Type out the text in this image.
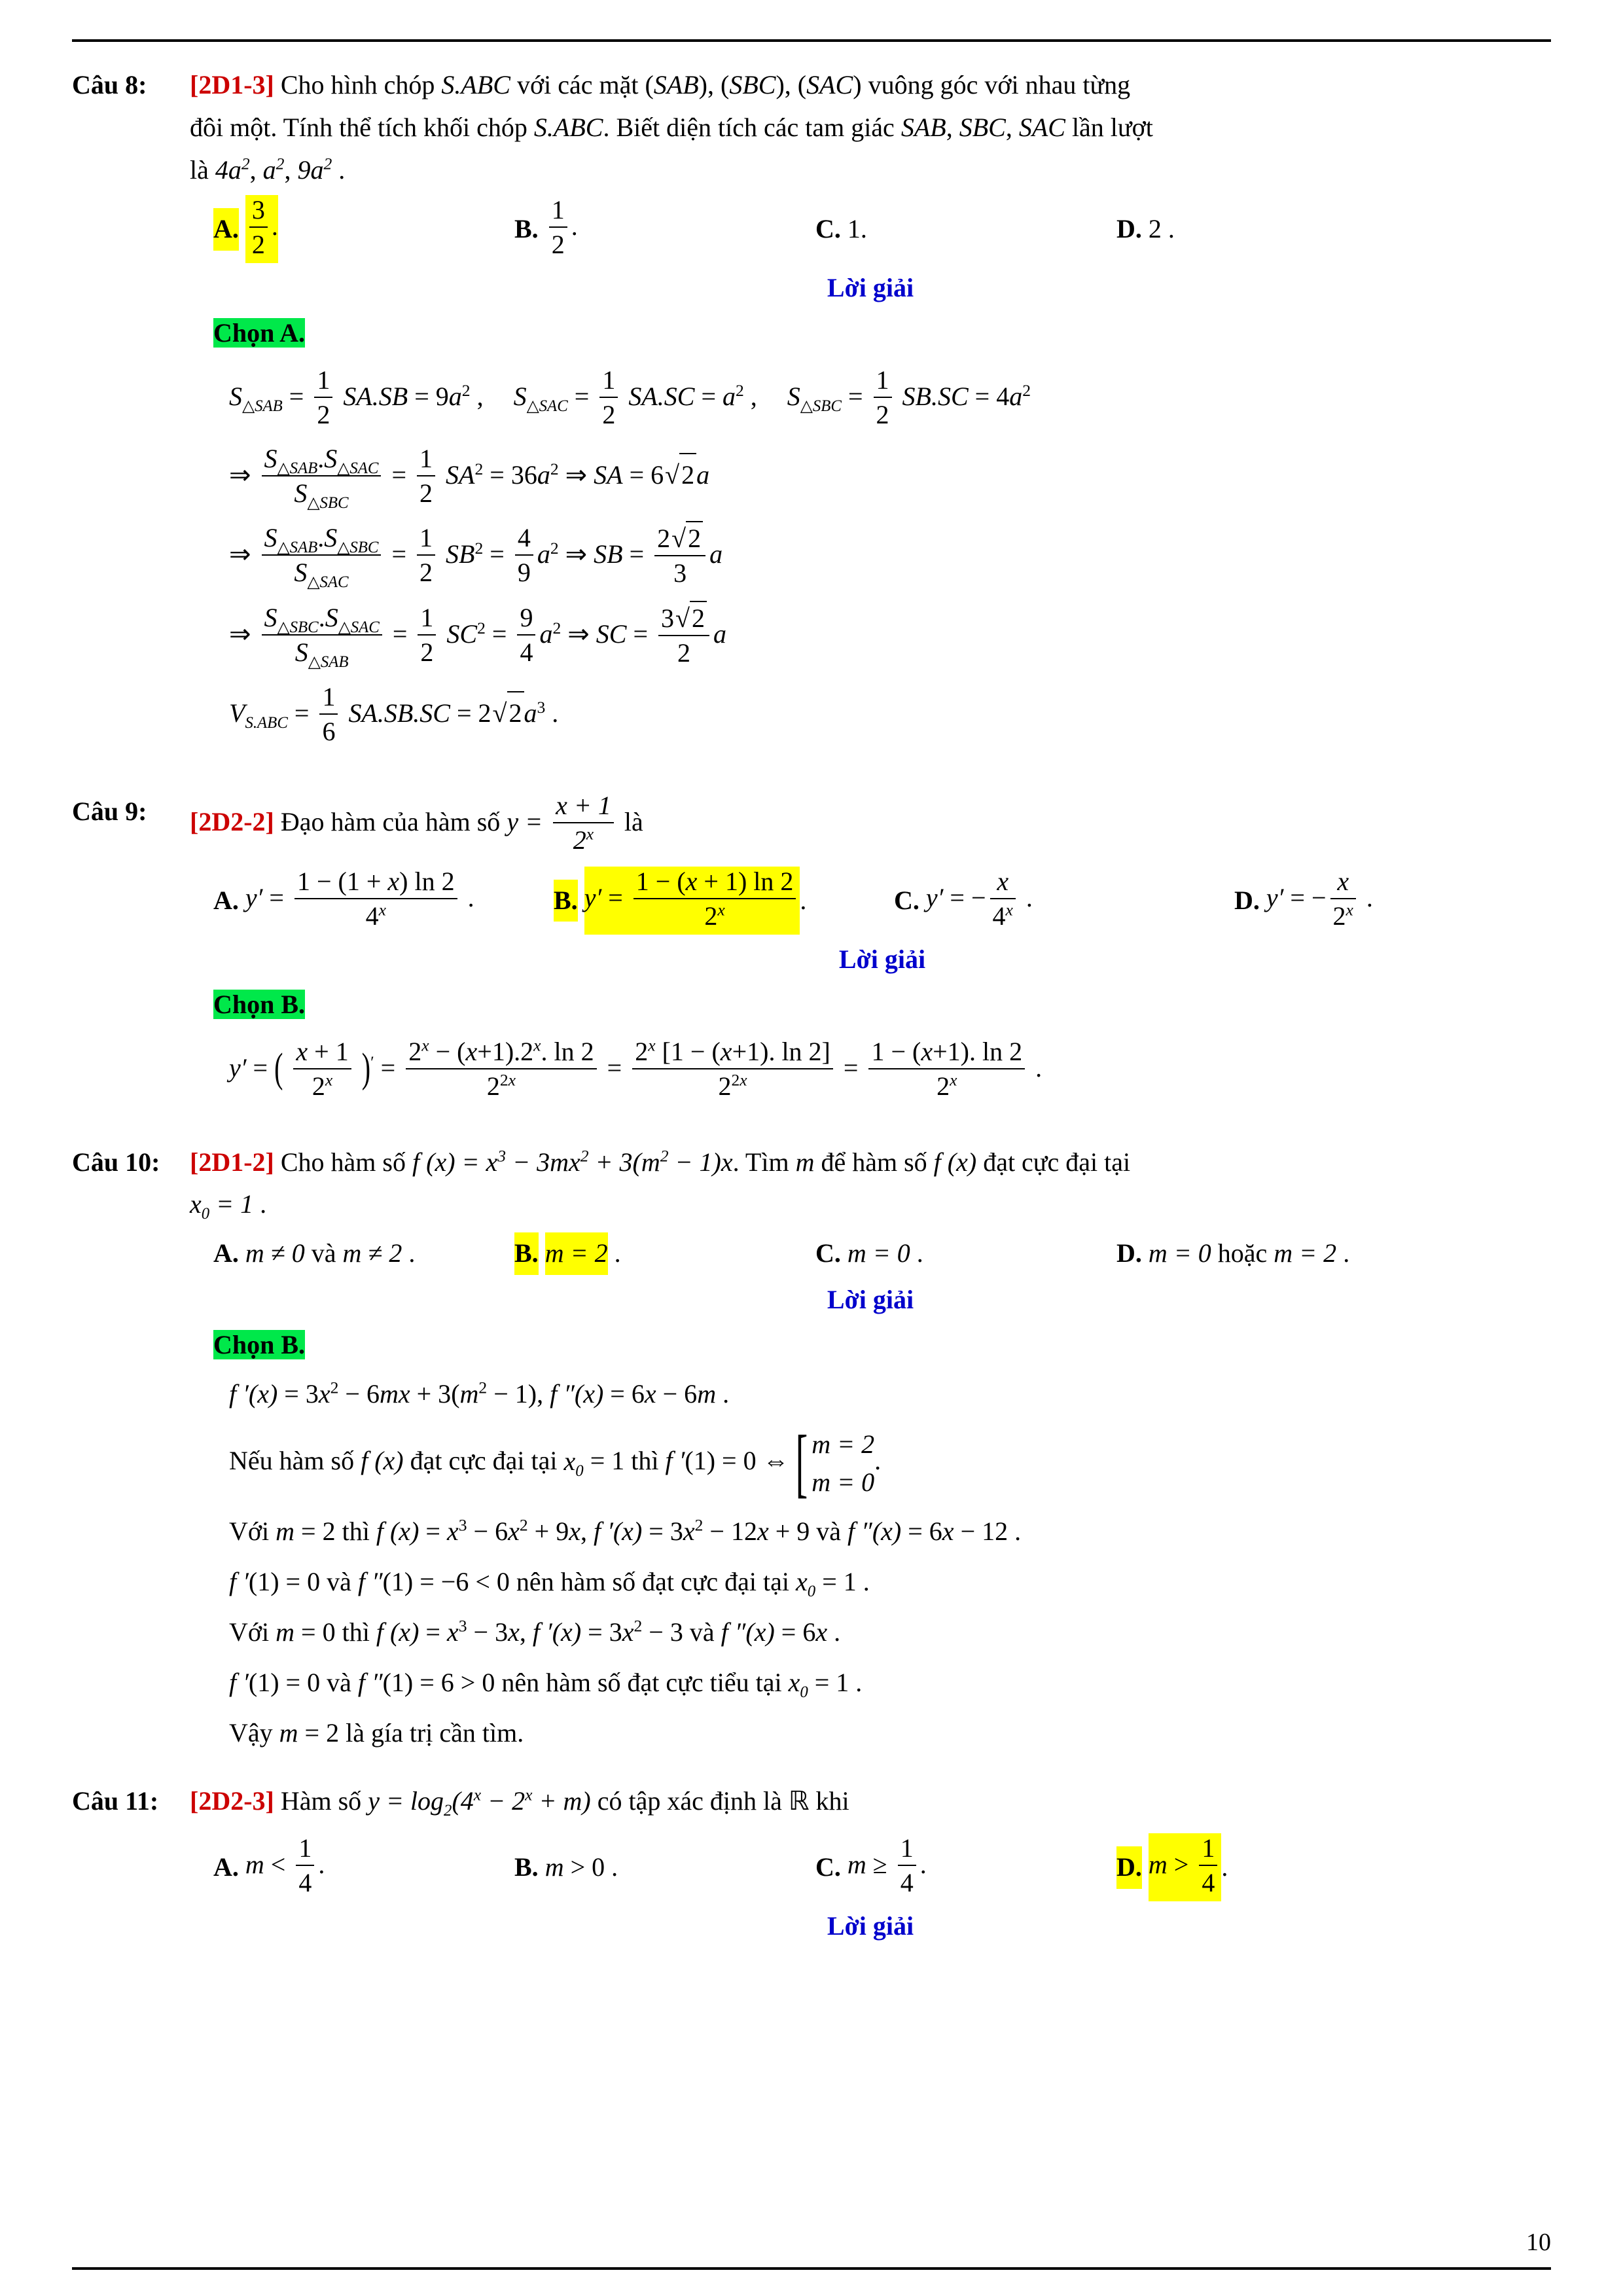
Câu 8:	[2D1-3] Cho hình chóp S.ABC với các mặt (SAB), (SBC), (SAC) vuông góc với nhau từng
đôi một. Tính thể tích khối chóp S.ABC. Biết diện tích các tam giác SAB, SBC, SAC lần lượt
là $4a^2$, $a^2$, $9a^2$ .
A. $\frac{3}{2}$ .	B. $\frac{1}{2}$ .	C. 1.	D. 2 .
Lời giải
Chọn A.
$S_{\triangle SAB} = \frac{1}{2} SA.SB = 9a^2$ ,  $S_{\triangle SAC} = \frac{1}{2} SA.SC = a^2$ ,  $S_{\triangle SBC} = \frac{1}{2} SB.SC = 4a^2$
⇒ $\frac{S_{\triangle SAB}.S_{\triangle SAC}}{S_{\triangle SBC}} = \frac{1}{2} SA^2 = 36a^2$ ⇒ SA = 6√2a
⇒ $\frac{S_{\triangle SAB}.S_{\triangle SBC}}{S_{\triangle SAC}} = \frac{1}{2} SB^2 = \frac{4}{9} a^2$ ⇒ SB = $\frac{2√2}{3}$ a
⇒ $\frac{S_{\triangle SBC}.S_{\triangle SAC}}{S_{\triangle SAB}} = \frac{1}{2} SC^2 = \frac{9}{4} a^2$ ⇒ SC = $\frac{3√2}{2}$ a
$V_{S.ABC} = \frac{1}{6} SA.SB.SC = 2√2a^3$ .
Câu 9:	[2D2-2] Đạo hàm của hàm số $y = \frac{x + 1}{2^x}$ là
A. $y' = \frac{1 - (1 + x) \ln 2}{4^x}$ .	B. $y' = \frac{1 - (x + 1) \ln 2}{2^x}$ .	C. y′ = − $\frac{x}{4^x}$ .	D. y′ = − $\frac{x}{2^x}$ .
Lời giải
Chọn B.
y′ = ( $\frac{x + 1}{2^x} )' = \frac{2^x - (x+1).2^x. \ln 2}{2^{2x}} = \frac{2^x [1 - (x+1). \ln 2]}{2^{2x}} = \frac{1 - (x+1). \ln 2}{2^x}$ .
Câu 10:	[2D1-2] Cho hàm số f $(x) = x^3 - 3mx^2 + 3(m^2 - 1)x$. Tìm m để hàm số f (x) đạt cực đại tại
$x_0 = 1$ .
A. m ≠ 0 và m ≠ 2 .	B. m = 2 .	C. m = 0 .	D. m = 0 hoặc m = 2 .
Lời giải
Chọn B.
f $'(x) = 3x^2 - 6mx + 3(m^2 - 1)$, f ″(x) = 6x − 6m .
Nếu hàm số f (x) đạt cực đại tại $x_0 = 1$ thì f ′(1) = 0 ⇔ [ m = 2
m = 0
.
Với m = 2 thì f $(x) = x^3 - 6x^2 + 9x$, f $'(x) = 3x^2 - 12x + 9$ và f ″(x) = 6x − 12 .
f ′(1) = 0 và f ″(1) = −6 < 0 nên hàm số đạt cực đại tại $x_0 = 1$ .
Với m = 0 thì f $(x) = x^3 - 3x$, f $'(x) = 3x^2 - 3$ và f ″(x) = 6x .
f ′(1) = 0 và f ″(1) = 6 > 0 nên hàm số đạt cực tiểu tại $x_0 = 1$ .
Vậy m = 2 là gía trị cần tìm.
Câu 11:	[2D2-3] Hàm số $y = \log_2(4^x - 2^x + m)$ có tập xác định là ℝ khi
A. $m < \frac{1}{4}$ .	B. m > 0 .	C. $m \ge \frac{1}{4}$ .	D. $m > \frac{1}{4}$ .
Lời giải
10
